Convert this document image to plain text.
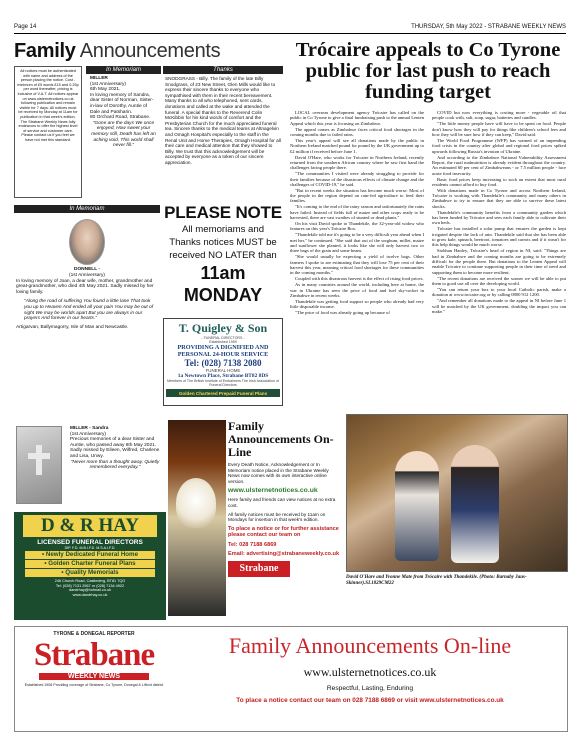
Page 14	THURSDAY, 5th May 2022 - STRABANE WEEKLY NEWS
Family Announcements
All notices must be authenticated with name and address of the person placing the notice. Cost - minimum of £5 words £15 and 0.25p per word thereafter, pricing is inclusive of V.A.T. All notices appear on www.ulsternetnotices.co.uk following publication and remain visible for 7 days. All notices must be received by Monday at 11am for publication in that week's edition. The Strabane Weekly News fully endeavors to offer the highest level of service and customer care. Please contact us if you feel we have not met this standard.
In Memoriam
MILLER
(1st Anniversary)
6th May 2021.
In loving memory of Sandra, dear Sister of Norman, Sister-in-law of Dorothy, Auntie of Dale and Patsharin.
80 Orchard Road, Strabane.
"Gone are the days We once enjoyed, How sweet your memory still, Death has left an aching void, This world shall never fill."
Thanks
SNODGRASS - Billy. The family of the late Billy Snodgrass, of 23 New Street, Glen Mills would like to express their sincere thanks to everyone who sympathised with them in their recent bereavement. Many thanks to all who telephoned, sent cards, donations and called at the wake and attended the funeral. A special thanks to the Reverend Colin McKibbin for his kind words of comfort and the Presbyterian Church for the much appreciated funeral tea. Sincere thanks to the medical teams at Altnagelvin and Omagh Hospital's especially to the staff in the Renal Unit and Home Therapies, Omagh Hospital for all their care and medical attention that they showed to Billy. We trust that this acknowledgement will be accepted by everyone as a token of our sincere appreciation.
In Memoriam
DONNELL -
(1st Anniversary)
In loving memory of Joan, a dear wife, mother, grandmother and great-grandmother, who died 4th May 2021. Sadly missed by her loving family.
"Along the road of suffering You found a little lane That took you up to Heaven And ended all your pain You may be out of sight We may be worlds apart But you are always in our prayers And forever in our hearts."
Artigarvan, Ballymagorry, Isle of Man and Newcastle.
PLEASE NOTE
All memoriams and
Thanks notices MUST be
received NO LATER than
11am MONDAY
T. Quigley & Son
- FUNERAL DIRECTORS -
Established 1959
PROVIDING A DIGNIFIED AND
PERSONAL 24-HOUR SERVICE
Tel: (028) 7138 2080
FUNERAL HOME
1a Newtown Place, Strabane BT82 8DS
Members of The British Institute of Embalmers The Irish Association of Funeral Directors
Golden Chartered Prepaid Funeral Plans
Trócaire appeals to Co Tyrone public for last push to reach funding target

LOCAL overseas development agency Trócaire has called on the public in Co Tyrone to give a final fundraising push to the annual Lenten Appeal which this year is focusing on Zimbabwe.

The appeal comes as Zimbabwe faces critical food shortages in the coming months due to failed rains.

This year's appeal will see all donations made by the public in Northern Ireland matched pound for pound by the UK government up to £2 million if received before June 1.

David O'Hare, who works for Trócaire in Northern Ireland, recently returned from the southern African country where he saw first hand the challenges facing people there.

"The communities I visited were already struggling to provide for their families because of the disastrous effects of climate change and the challenges of COVID-19," he said.

"But in recent weeks the situation has become much worse. Most of the people in the region depend on rain-fed agriculture to feed their families.

"It's coming to the end of the rainy season and unfortunately the rains have failed. Instead of fields full of maize and other crops ready to be harvested, there are vast swathes of stunted or dead plants."

On his visit David spoke to Thandekile, the 32-year-old widow who features on this year's Trócaire Box.

"Thandekile told me it's going to be a very difficult year ahead when I met her," he continued. "She said that out of the sorghum, millet, maize and sunflower she planted, it looks like she will only harvest two or three bags of the grain and some beans.

"She would usually be expecting a yield of twelve bags. Other farmers I spoke to are estimating that they will lose 75 per cent of their harvest this year, meaning critical food shortages for these communities in the coming months."

Coupled with this disastrous harvest is the effect of rising food prices.

As in many countries around the world, including here at home, the war in Ukraine has seen the price of food and fuel sky-rocket in Zimbabwe in recent weeks.

Thandekile was getting food support so people who already had very little disposable income.

"The price of food was already going up because of

COVID but now everything is costing more - vegetable oil that people cook with, salt, soap, sugar, batteries and candles.

"The little money people have will have to be spent on food. People don't know how they will pay for things like children's school fees and how they will be sure how if they can keep," David said.

The World Food Programme (WFP) has warned of an impending food crisis in the country after global and regional food prices spiked upwards following Russia's invasion of Ukraine.

And according to the Zimbabwe National Vulnerability Assessment Report, the rural malnutrition is already evident throughout the country. An estimated 60 per cent of Zimbabweans - or 7.5 million people - face acute food insecurity.

Basic food prices keep increasing to such an extent that most rural residents cannot afford to buy food.

With donations made in Co Tyrone and across Northern Ireland, Trócaire is working with Thandekile's community and many others in Zimbabwe to try to ensure that they are able to survive these latest shocks.

Thandekile's community benefits from a community garden which has been funded by Trócaire and sees each family able to cultivate their own beds.

Trócaire has installed a solar pump that ensures the garden is kept irrigated despite the lack of rain. Thandekile said that she has been able to grow kale, spinach, beetroot, tomatoes and carrots and if it wasn't for this help things would be much worse.

Siobhan Hanley, Trócaire's head of region in NI, said: "Things are bad in Zimbabwe and the coming months are going to be extremely difficult for the people there. But donations to the Lenten Appeal will enable Trócaire to continue supporting people in their time of need and supporting them to become more resilient.

"The recent donations are received the sooner we will be able to put them to good use all over the developing world.

"You can return your box to your local Catholic parish, make a donation at www.trocaire.org or by calling 0800 912 1200.

"And remember all donations made to the appeal in NI before June 1 will be matched by the UK government, doubling the impact you can make."

MILLER - Sandra
(1st Anniversary)
Precious memories of a dear Sister and Auntie, who passed away 6th May 2021. Sadly missed by Eileen, Wilfred, Charlene and Lisa, Unwy.
"Never more than a thought away, Quietly remembered everyday."
D & R HAY
LICENSED FUNERAL DIRECTORS
DIP. F.D. M.B.I.F.D. M.S.A.I.F.D.
• Newly Dedicated Funeral Home
• Golden Charter Funeral Plans
• Quality Memorials
246 Church Road, Castlederg, BT81 7QG
Tel: (028) 7131 2567 or (028) 7134 4922
dandrhay@hotmail.co.uk
www.dandrhay.co.uk
Family Announcements On-Line
Every Death Notice, Acknowledgement or In Memoriam notice placed in the Strabane Weekly News now comes with its own interactive online version.
www.ulsternetnotices.co.uk
Here family and friends can view notices at no extra cost.
All family notices must be received by 11am on Mondays for insertion in that week's edition.
To place a notice or for further assistance please contact our team on
Tel: 028 7188 6869
Email: advertising@strabaneweekly.co.uk
Strabane
David O'Hare and Yvonne Mate from Trócaire with Thandekile. (Photo: Barnaby Jaus-Skinner).SL1829CM22
TYRONE & DONEGAL REPORTER
Strabane
WEEKLY NEWS
Established 1908 Providing coverage of Strabane, Co Tyrone, Donegal & Lifford district
Family Announcements On-line
www.ulsternetnotices.co.uk
Respectful, Lasting, Enduring
To place a notice contact our team on 028 7188 6869 or visit www.ulsternetnotices.co.uk
